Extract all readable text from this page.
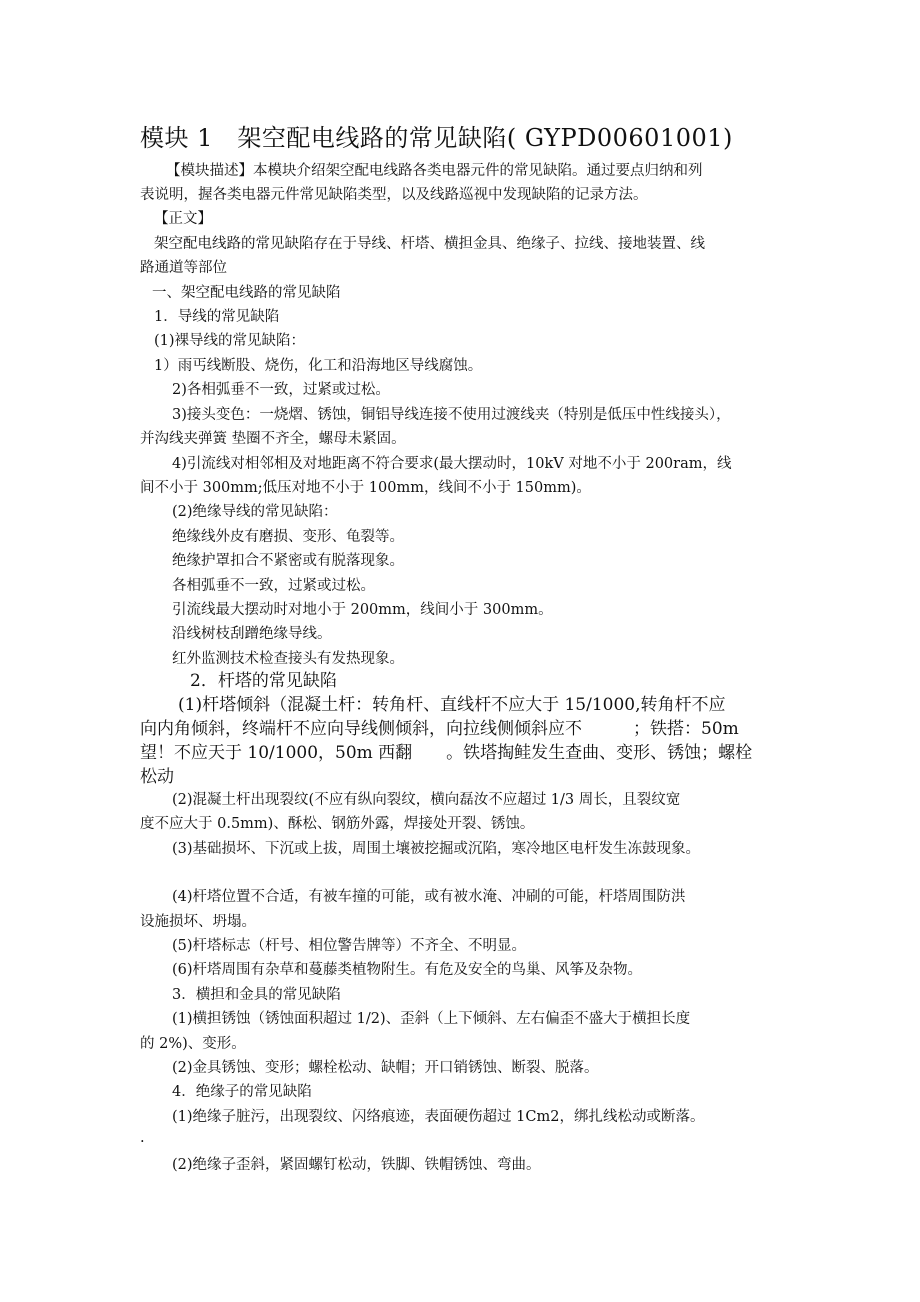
模块 1　架空配电线路的常见缺陷( GYPD00601001)

【模块描述】本模块介绍架空配电线路各类电器元件的常见缺陷。通过要点归纳和列

表说明，握各类电器元件常见缺陷类型，以及线路巡视中发现缺陷的记录方法。

【正文】

架空配电线路的常见缺陷存在于导线、杆塔、横担金具、绝缘子、拉线、接地装置、线

路通道等部位

一、架空配电线路的常见缺陷

1．导线的常见缺陷

(1)裸导线的常见缺陷：

1）雨丐线断股、烧伤，化工和沿海地区导线腐蚀。

2)各相弧垂不一致，过紧或过松。

3)接头变色：一烧熠、锈蚀，铜铝导线连接不使用过渡线夹（特别是低压中性线接头），

并沟线夹弹簧 垫圈不齐全，螺母未紧固。

4)引流线对相邻相及对地距离不符合要求(最大摆动时，10kV 对地不小于 200ram，线

间不小于 300mm;低压对地不小于 100mm，线间不小于 150mm)。

(2)绝缘导线的常见缺陷：

绝缘线外皮有磨损、变形、龟裂等。

绝缘护罩扣合不紧密或有脱落现象。

各相弧垂不一致，过紧或过松。

引流线最大摆动时对地小于 200mm，线间小于 300mm。

沿线树枝刮蹭绝缘导线。

红外监测技术检查接头有发热现象。

2．杆塔的常见缺陷

(1)杆塔倾斜（混凝土杆：转角杆、直线杆不应大于 15/1000,转角杆不应

向内角倾斜，终端杆不应向导线侧倾斜，向拉线侧倾斜应不　　　；铁搭：50m

望！不应天于 10/1000，50m 西翻　　。铁塔掏鲑发生查曲、变形、锈蚀；螺栓

松动

(2)混凝土杆出现裂纹(不应有纵向裂纹，横向磊汝不应超过 1/3 周长，且裂纹宽

度不应大于 0.5mm)、酥松、钢筋外露，焊接处开裂、锈蚀。

(3)基础损坏、下沉或上拔，周围土壤被挖掘或沉陷，寒冷地区电杆发生冻鼓现象。

(4)杆塔位置不合适，有被车撞的可能，或有被水淹、冲刷的可能，杆塔周围防洪

设施损坏、坍塌。

(5)杆塔标志（杆号、相位警告牌等）不齐全、不明显。

(6)杆塔周围有杂草和蔓藤类植物附生。有危及安全的鸟巢、风筝及杂物。

3．横担和金具的常见缺陷

(1)横担锈蚀（锈蚀面积超过 1/2)、歪斜（上下倾斜、左右偏歪不盛大于横担长度

的 2%)、变形。

(2)金具锈蚀、变形；螺栓松动、缺帽；开口销锈蚀、断裂、脱落。

4．绝缘子的常见缺陷

(1)绝缘子脏污，出现裂纹、闪络痕迹，表面硬伤超过 1Cm2，绑扎线松动或断落。

.

(2)绝缘子歪斜，紧固螺钉松动，铁脚、铁帽锈蚀、弯曲。
